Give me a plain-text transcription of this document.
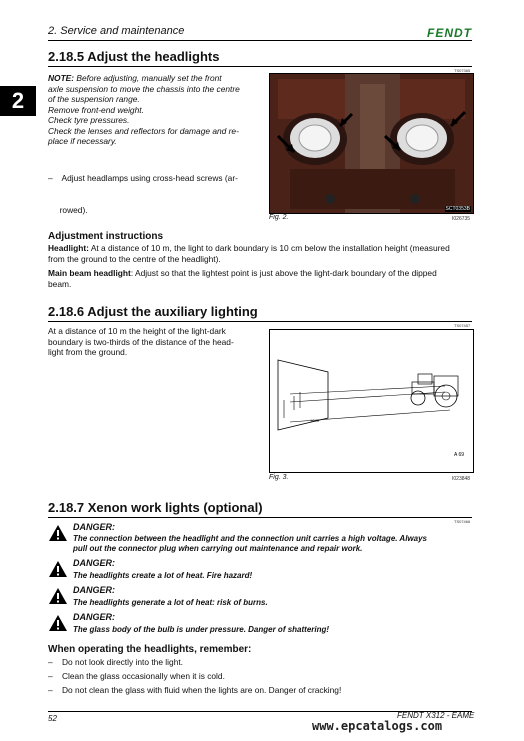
2. Service and maintenance	FENDT
2
2.18.5 Adjust the headlights
TS07365
NOTE: Before adjusting, manually set the front
axle suspension to move the chassis into the centre
of the suspension range.
Remove front-end weight.
Check tyre pressures.
Check the lenses and reflectors for damage and re-
place if necessary.

–    Adjust headlamps using cross-head screws (ar-

rowed).	SCT0353B
Fig. 2.	I026735
Adjustment instructions
Headlight: At a distance of 10 m, the light to dark boundary is 10 cm below the installation height (measured
from the ground to the centre of the headlight).
Main beam headlight: Adjust so that the lightest point is just above the light-dark boundary of the dipped
beam.
2.18.6 Adjust the auxiliary lighting
TS07457
At a distance of 10 m the height of the light-dark
boundary is two-thirds of the distance of the head-
light from the ground.
10 m
A 69
Fig. 3.	I023848
2.18.7 Xenon work lights (optional)
TS07466
DANGER:
The connection between the headlight and the connection unit carries a high voltage. Always
pull out the connector plug when carrying out maintenance and repair work.
DANGER:
The headlights create a lot of heat. Fire hazard!
DANGER:
The headlights generate a lot of heat: risk of burns.
DANGER:
The glass body of the bulb is under pressure. Danger of shattering!
When operating the headlights, remember:
–    Do not look directly into the light.
–    Clean the glass occasionally when it is cold.
–    Do not clean the glass with fluid when the lights are on. Danger of cracking!
52	FENDT X312 - EAME
www.epcatalogs.com
